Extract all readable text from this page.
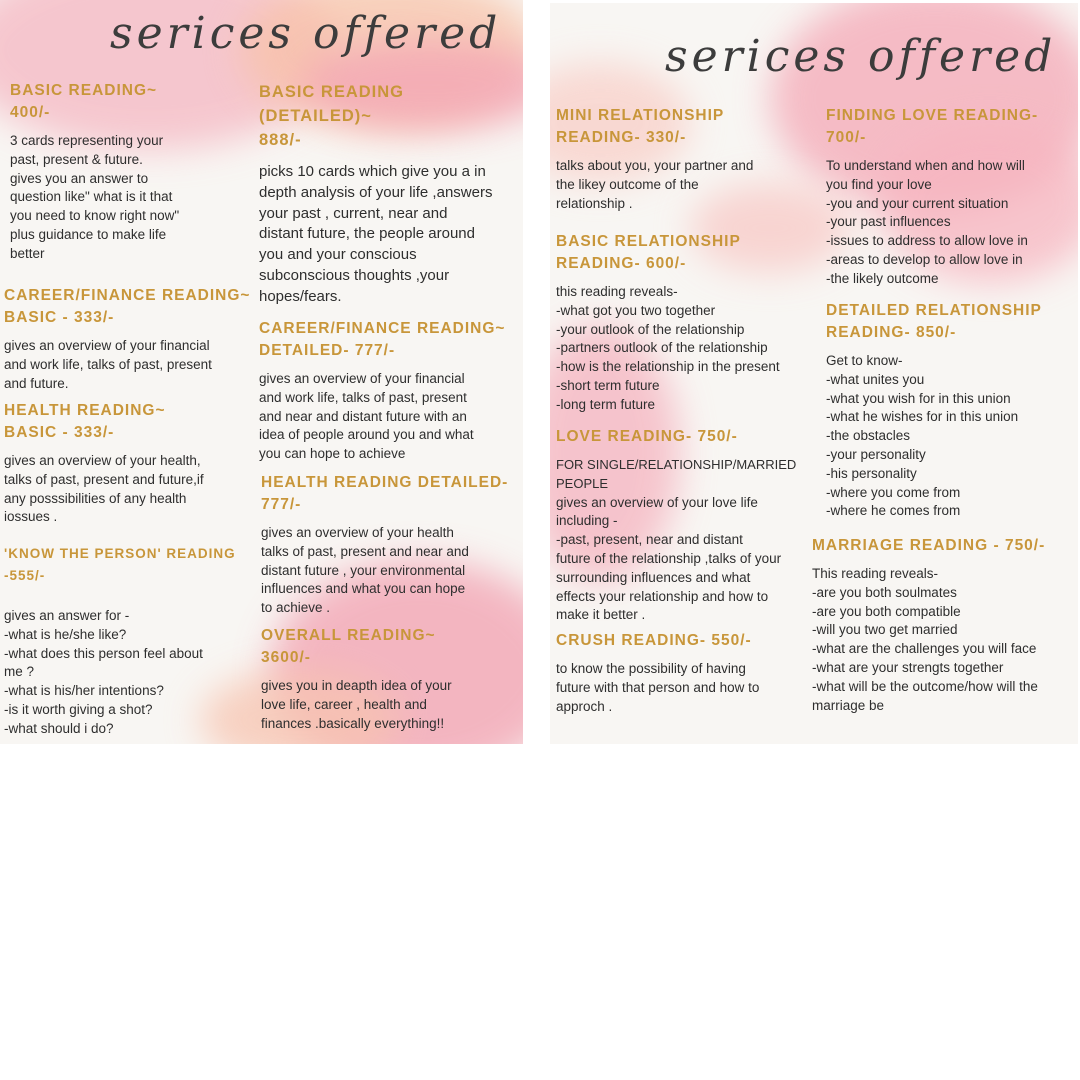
serices offered
BASIC READING~
400/-

3 cards representing your
past, present & future.
gives you an answer to
question like" what is it that
you need to know right now"
plus guidance to make life
better

CAREER/FINANCE READING~
BASIC - 333/-

gives an overview of your financial
and work life, talks of past, present
and future.

HEALTH READING~
BASIC - 333/-

gives an overview of your health,
talks of past, present and future,if
any posssibilities of any health
iossues .

'KNOW THE PERSON' READING
-555/-

gives an answer for -
-what is he/she like?
-what does this person feel about
me ?
-what is his/her intentions?
-is it worth giving a shot?
-what should i do?

BASIC READING
(DETAILED)~
888/-

picks 10 cards which give you a in
depth analysis of your life ,answers
your past , current, near and
distant future, the people around
you and your conscious
subconscious thoughts ,your
hopes/fears.

CAREER/FINANCE READING~
DETAILED- 777/-

gives an overview of your financial
and work life, talks of past, present
and near and distant future with an
idea of people around you and what
you can hope to achieve

HEALTH READING DETAILED-
777/-

gives an overview of your health
talks of past, present and near and
distant future , your environmental
influences and what you can hope
to achieve .

OVERALL READING~
3600/-

gives you in deapth idea of your
love life, career , health and
finances .basically everything!!

serices offered
MINI RELATIONSHIP
READING- 330/-

talks about you, your partner and
the likey outcome of the
relationship .

BASIC RELATIONSHIP
READING- 600/-

this reading reveals-
-what got you two together
-your outlook of the relationship
-partners outlook of the relationship
-how is the relationship in the present
-short term future
-long term future

LOVE READING- 750/-

FOR SINGLE/RELATIONSHIP/MARRIED
PEOPLE

gives an overview of your love life
including -
-past, present, near and distant
future of the relationship ,talks of your
surrounding influences and what
effects your relationship and how to
make it better .

CRUSH READING- 550/-

to know the possibility of having
future with that person and how to
approch .

FINDING LOVE READING-
700/-

To understand when and how will
you find your love
-you and your current situation
-your past influences
-issues to address to allow love in
-areas to develop to allow love in
-the likely outcome

DETAILED RELATIONSHIP
READING- 850/-

Get to know-
-what unites you
-what you wish for in this union
-what he wishes for in this union
-the obstacles
-your personality
-his personality
-where you come from
-where he comes from

MARRIAGE READING - 750/-

This reading reveals-
-are you both soulmates
-are you both compatible
-will you two get married
-what are the challenges you will face
-what are your strengts together
-what will be the outcome/how will the
marriage be
